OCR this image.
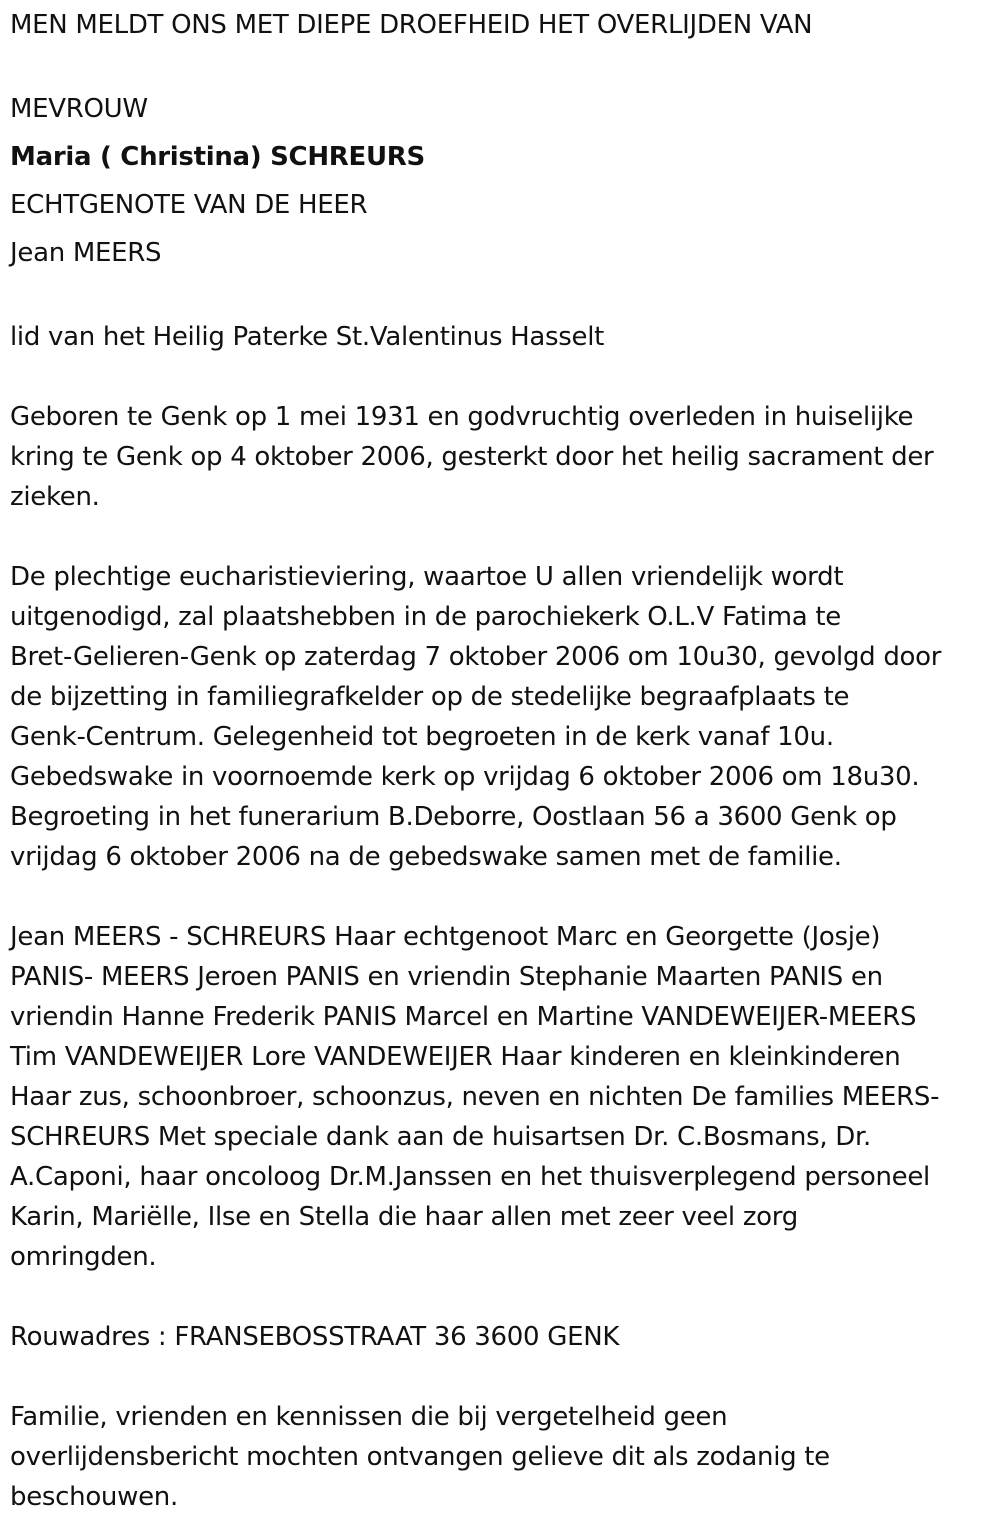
MEN MELDT ONS MET DIEPE DROEFHEID HET OVERLIJDEN VAN

MEVROUW

Maria ( Christina) SCHREURS

ECHTGENOTE VAN DE HEER

Jean MEERS

lid van het Heilig Paterke St.Valentinus Hasselt

Geboren te Genk op 1 mei 1931 en godvruchtig overleden in huiselijke

kring te Genk op 4 oktober 2006, gesterkt door het heilig sacrament der

zieken.

De plechtige eucharistieviering, waartoe U allen vriendelijk wordt

uitgenodigd, zal plaatshebben in de parochiekerk O.L.V Fatima te

Bret-Gelieren-Genk op zaterdag 7 oktober 2006 om 10u30, gevolgd door

de bijzetting in familiegrafkelder op de stedelijke begraafplaats te

Genk-Centrum. Gelegenheid tot begroeten in de kerk vanaf 10u.

Gebedswake in voornoemde kerk op vrijdag 6 oktober 2006 om 18u30.

Begroeting in het funerarium B.Deborre, Oostlaan 56 a 3600 Genk op

vrijdag 6 oktober 2006 na de gebedswake samen met de familie.

Jean MEERS - SCHREURS Haar echtgenoot Marc en Georgette (Josje)

PANIS- MEERS Jeroen PANIS en vriendin Stephanie Maarten PANIS en

vriendin Hanne Frederik PANIS Marcel en Martine VANDEWEIJER-MEERS

Tim VANDEWEIJER Lore VANDEWEIJER Haar kinderen en kleinkinderen

Haar zus, schoonbroer, schoonzus, neven en nichten De families MEERS-

SCHREURS Met speciale dank aan de huisartsen Dr. C.Bosmans, Dr.

A.Caponi, haar oncoloog Dr.M.Janssen en het thuisverplegend personeel

Karin, Mariëlle, Ilse en Stella die haar allen met zeer veel zorg

omringden.

Rouwadres : FRANSEBOSSTRAAT 36 3600 GENK

Familie, vrienden en kennissen die bij vergetelheid geen

overlijdensbericht mochten ontvangen gelieve dit als zodanig te

beschouwen.
